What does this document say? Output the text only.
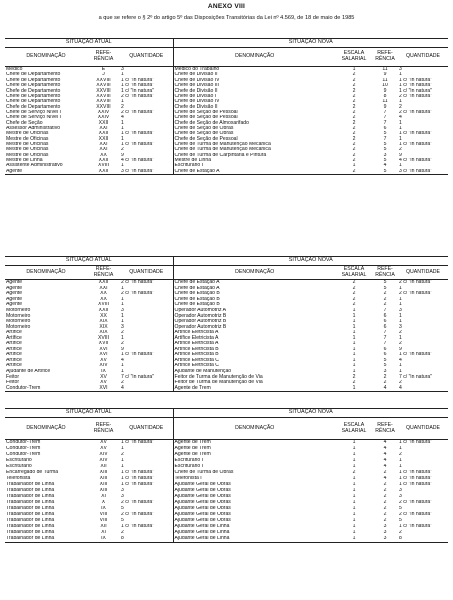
ANEXO VIII
a que se refere o § 2º do artigo 5º das Disposições Transitórias da Lei nº 4.569, de 18 de maio de 1985
SITUAÇÃO ATUAL			SITUAÇÃO NOVA			
DENOMINAÇÃO	REFE-
RÊNCIA	QUANTIDADE	DENOMINAÇÃO	ESCALA
SALARIAL	REFE-
RÊNCIA	QUANTIDADE
Médico	E	3	Médico do Trabalho	1	11	3
Chefe de Departamento	J	1	Chefe de Divisão II	2	9	1
Chefe de Departamento	XXVIII	1 c/ "in natura"	Chefe de Divisão IV	2	11	1 c/ "in natura"
Chefe de Departamento	XXVIII	1 c/ "in natura"	Chefe de Divisão III	2	10	1 c/ "in natura"
Chefe de Departamento	XXVIII	1 c/ "in natura"	Chefe de Divisão II	2	9	1 c/ "in natura"
Chefe de Departamento	XXVIII	2 c/ "in natura"	Chefe de Divisão I	2	8	2 c/ "in natura"
Chefe de Departamento	XXVIII	1	Chefe de Divisão IV	2	11	1
Chefe de Departamento	XXVIII	2	Chefe de Divisão II	2	9	2
Chefe de Serviço Nível I	XXIV	2 c/ "in natura"	Chefe de Seção de Pessoal	2	7	2 c/ "in natura"
Chefe de Serviço Nível I	XXIV	4	Chefe de Seção de Pessoal	2	7	4
Chefe de Seção	XXII	1	Chefe de Seção de Almoxarifado	2	7	1
Assessor Administrativo	XXI	1	Chefe de Seção de Obras	2	6	1
Mestre de Oficinas	XXII	1 c/ "in natura"	Chefe de Seção de Obras	2	5	1 c/ "in natura"
Mestre de Oficinas	XXII	1	Chefe de Seção de Pessoal	2	7	1
Mestre de Oficinas	XXI	1 c/ "in natura"	Chefe de Turma de Manutenção Mecânica	2	5	1 c/ "in natura"
Mestre de Oficinas	XXI	2	Chefe de Turma de Manutenção Mecânica	2	5	2
Mestre de Oficinas	XX	9	Chefe de Turma de Carpintaria e Pintura	2	3	9
Mestre de Linha	XXII	4 c/ "in natura"	Mestre de Linha	2	5	4 c/ "in natura"
Assistente Administrativo	XVIII	1	Escriturário I	1	4	1
Agente	XXII	3 c/ "in natura"	Chefe de Estação A	2	5	3 c/ "in natura"
SITUAÇÃO ATUAL			SITUAÇÃO NOVA			
DENOMINAÇÃO	REFE-
RÊNCIA	QUANTIDADE	DENOMINAÇÃO	ESCALA
SALARIAL	REFE-
RÊNCIA	QUANTIDADE
Agente	XXII	2 c/ "in natura"	Chefe de Estação A	2	5	2 c/ "in natura"
Agente	XXI	1	Chefe de Estação A	2	5	1
Agente	XX	2 c/ "in natura"	Chefe de Estação B	2	2	2 c/ "in natura"
Agente	XX	1	Chefe de Estação B	2	2	1
Agente	XVIII	1	Chefe de Estação B	2	2	1
Motorneiro	XXII	3	Operador Automotriz A	1	7	3
Motorneiro	XX	1	Operador Automotriz B	1	6	1
Motorneiro	XIX	1	Operador Automotriz B	1	6	1
Motorneiro	XIX	3	Operador Automotriz B	1	6	3
Artífice	XIX	2	Artífice Eletricista A	1	7	2
Artífice	XVIII	1	Artífice Eletricista A	1	7	1
Artífice	XVII	2	Artífice Eletricista A	1	7	2
Artífice	XVI	9	Artífice Eletricista B	1	6	9
Artífice	XVI	1 c/ "in natura"	Artífice Eletricista B	1	6	1 c/ "in natura"
Artífice	XV	4	Artífice Eletricista C	1	5	4
Artífice	XIV	1	Artífice Eletricista C	1	5	1
Ajudante de Artífice	IX	1	Ajudante de Manutenção	1	3	1
Feitor	XV	7 c/ "in natura"	Feitor de Turma de Manutenção de Via	2	2	7 c/ "in natura"
Feitor	XV	2	Feitor de Turma de Manutenção de Via	2	2	2
Condutor-Trem	XVI	4	Agente de Trem	1	4	4
SITUAÇÃO ATUAL			SITUAÇÃO NOVA			
DENOMINAÇÃO	REFE-
RÊNCIA	QUANTIDADE	DENOMINAÇÃO	ESCALA
SALARIAL	REFE-
RÊNCIA	QUANTIDADE
Condutor-Trem	XV	1 c/ "in natura"	Agente de Trem	1	4	1 c/ "in natura"
Condutor-Trem	XV	1	Agente de Trem	1	4	1
Condutor-Trem	XIV	2	Agente de Trem	1	4	2
Escriturário	XIV	1	Escriturário I	1	4	1
Escriturário	XII	1	Escriturário I	1	4	1
Encarregado de Turma	XIII	1 c/ "in natura"	Chefe de Turma de Obras	2	2	1 c/ "in natura"
Telefonista	XIII	1 c/ "in natura"	Telefonista I	1	4	1 c/ "in natura"
Trabalhador de Linha	XIII	1 c/ "in natura"	Ajudante Geral de Obras	1	2	1 c/ "in natura"
Trabalhador de Linha	XIII	3	Ajudante Geral de Obras	1	2	3
Trabalhador de Linha	XI	3	Ajudante Geral de Obras	1	2	3
Trabalhador de Linha	X	2 c/ "in natura"	Ajudante Geral de Obras	1	2	2 c/ "in natura"
Trabalhador de Linha	IX	5	Ajudante Geral de Obras	1	2	5
Trabalhador de Linha	VIII	2 c/ "in natura"	Ajudante Geral de Obras	1	2	2 c/ "in natura"
Trabalhador de Linha	VIII	5	Ajudante Geral de Obras	1	2	5
Trabalhador de Linha	XII	1 c/ "in natura"	Ajudante Geral de Linha	1	3	1 c/ "in natura"
Trabalhador de Linha	XI	2	Ajudante Geral de Linha	1	3	2
Trabalhador de Linha	IX	8	Ajudante Geral de Linha	1	3	8
